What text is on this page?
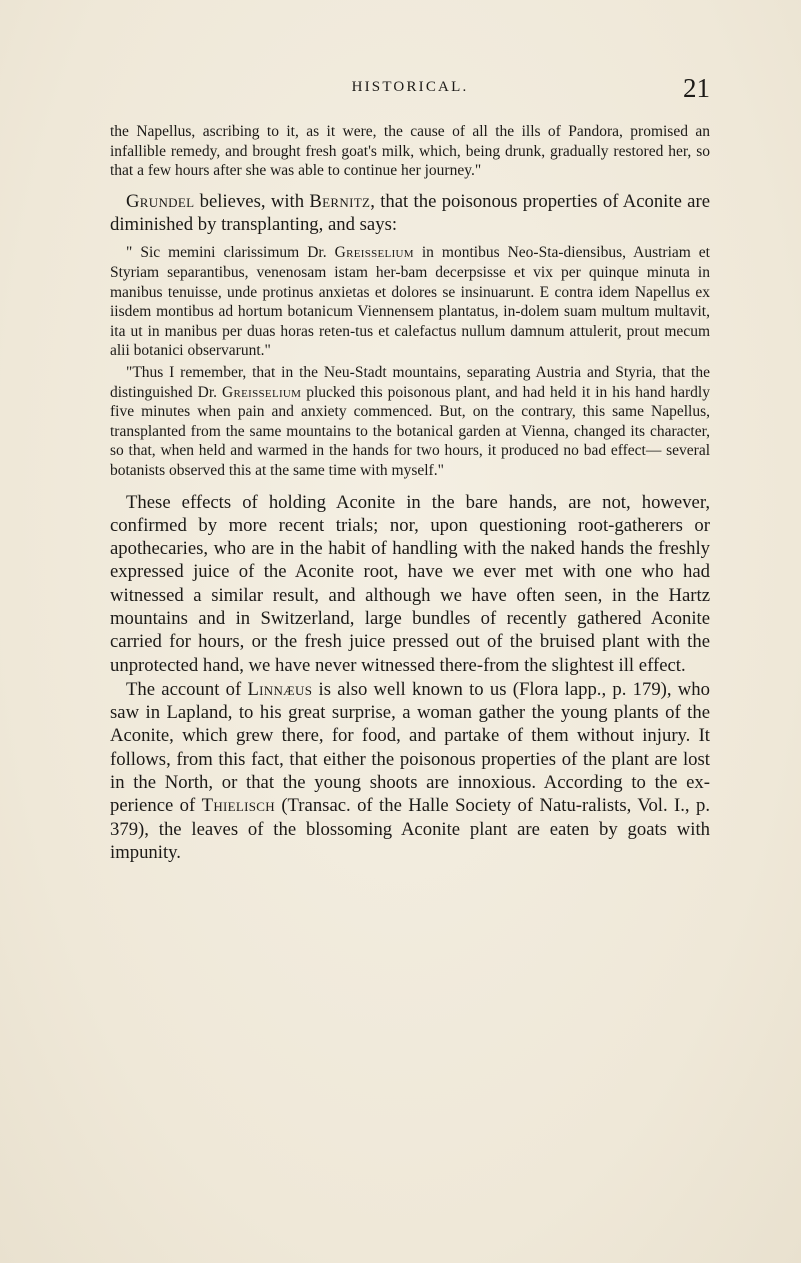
HISTORICAL.	21

the Napellus, ascribing to it, as it were, the cause of all the ills of Pandora, promised an infallible remedy, and brought fresh goat's milk, which, being drunk, gradually restored her, so that a few hours after she was able to continue her journey."

Grundel believes, with Bernitz, that the poisonous properties of Aconite are diminished by transplanting, and says:

" Sic memini clarissimum Dr. Greisselium in montibus Neo-Sta-diensibus, Austriam et Styriam separantibus, venenosam istam her-bam decerpsisse et vix per quinque minuta in manibus tenuisse, unde protinus anxietas et dolores se insinuarunt. E contra idem Napellus ex iisdem montibus ad hortum botanicum Viennensem plantatus, in-dolem suam multum multavit, ita ut in manibus per duas horas reten-tus et calefactus nullum damnum attulerit, prout mecum alii botanici observarunt."

"Thus I remember, that in the Neu-Stadt mountains, separating Austria and Styria, that the distinguished Dr. Greisselium plucked this poisonous plant, and had held it in his hand hardly five minutes when pain and anxiety commenced. But, on the contrary, this same Napellus, transplanted from the same mountains to the botanical garden at Vienna, changed its character, so that, when held and warmed in the hands for two hours, it produced no bad effect— several botanists observed this at the same time with myself."

These effects of holding Aconite in the bare hands, are not, however, confirmed by more recent trials; nor, upon questioning root-gatherers or apothecaries, who are in the habit of handling with the naked hands the freshly expressed juice of the Aconite root, have we ever met with one who had witnessed a similar result, and although we have often seen, in the Hartz mountains and in Switzerland, large bundles of recently gathered Aconite carried for hours, or the fresh juice pressed out of the bruised plant with the unprotected hand, we have never witnessed there-from the slightest ill effect.

The account of Linnæus is also well known to us (Flora lapp., p. 179), who saw in Lapland, to his great surprise, a woman gather the young plants of the Aconite, which grew there, for food, and partake of them without injury. It follows, from this fact, that either the poisonous properties of the plant are lost in the North, or that the young shoots are innoxious. According to the ex-perience of Thielisch (Transac. of the Halle Society of Natu-ralists, Vol. I., p. 379), the leaves of the blossoming Aconite plant are eaten by goats with impunity.
